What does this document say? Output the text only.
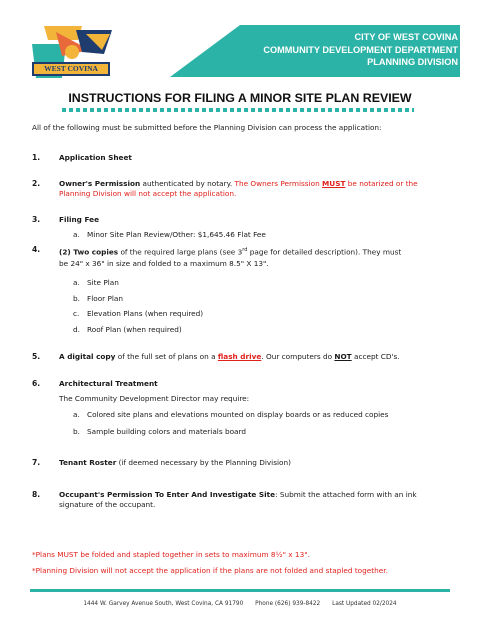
WEST COVINA
CITY OF WEST COVINA
COMMUNITY DEVELOPMENT DEPARTMENT
PLANNING DIVISION
INSTRUCTIONS FOR FILING A MINOR SITE PLAN REVIEW
All of the following must be submitted before the Planning Division can process the application:
1.	Application Sheet
2.	Owner's Permission authenticated by notary. The Owners Permission MUST be notarized or the
Planning Division will not accept the application.
3.	Filing Fee
a. Minor Site Plan Review/Other: $1,645.46 Flat Fee
4.	(2) Two copies of the required large plans (see 3rd page for detailed description). They must
be 24" x 36" in size and folded to a maximum 8.5" X 13".
a. Site Plan
b. Floor Plan
c. Elevation Plans (when required)
d. Roof Plan (when required)
5.	A digital copy of the full set of plans on a flash drive. Our computers do NOT accept CD's.
6.	Architectural Treatment
The Community Development Director may require:
a. Colored site plans and elevations mounted on display boards or as reduced copies
b. Sample building colors and materials board
7.	Tenant Roster (if deemed necessary by the Planning Division)
8.	Occupant's Permission To Enter And Investigate Site: Submit the attached form with an ink
signature of the occupant.
*Plans MUST be folded and stapled together in sets to maximum 8½" x 13".
*Planning Division will not accept the application if the plans are not folded and stapled together.
1444 W. Garvey Avenue South, West Covina, CA 91790 Phone (626) 939-8422 Last Updated 02/2024
